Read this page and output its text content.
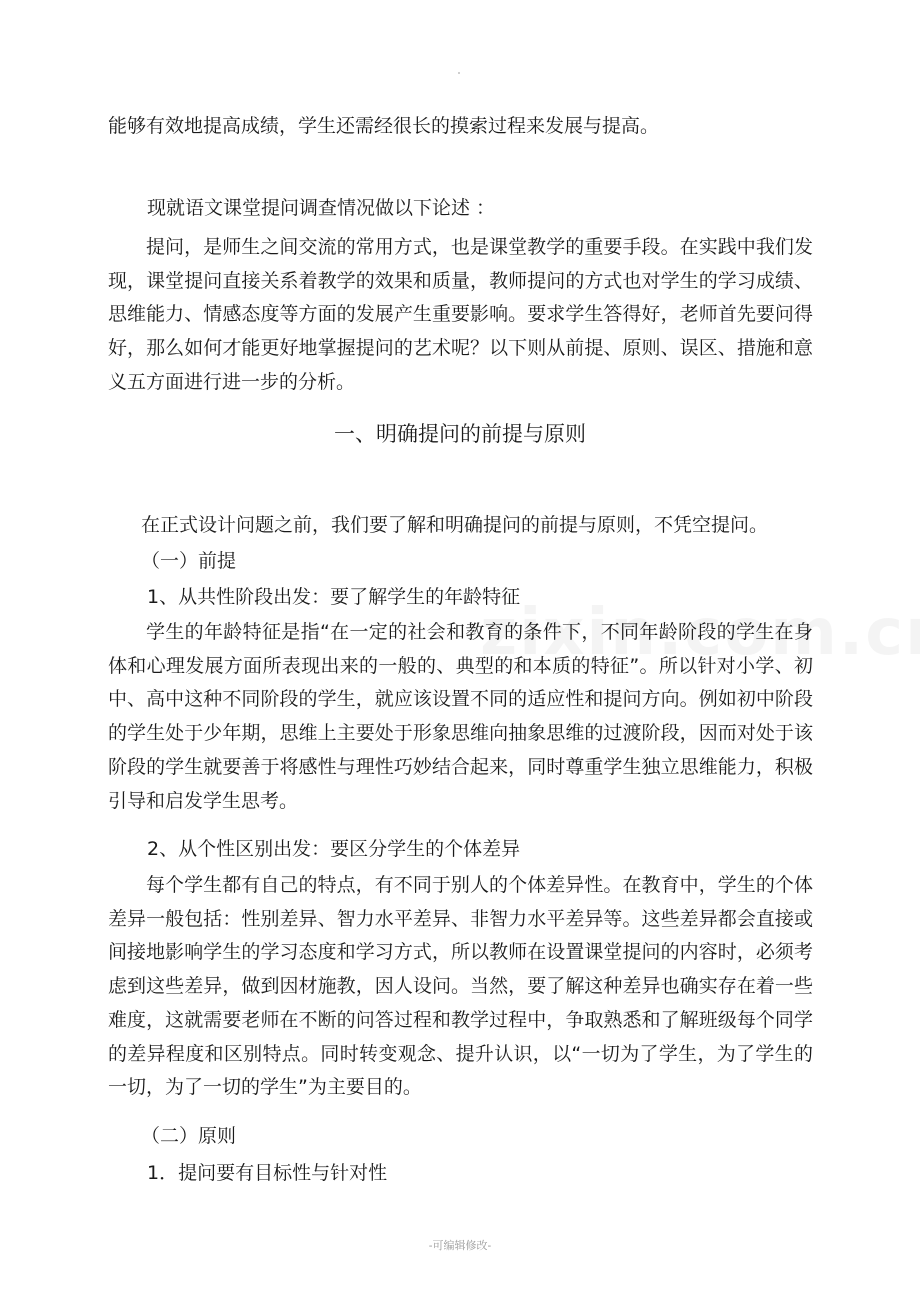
能够有效地提高成绩，学生还需经很长的摸索过程来发展与提高。
现就语文课堂提问调查情况做以下论述 ：
提问，是师生之间交流的常用方式，也是课堂教学的重要手段。在实践中我们发现，课堂提问直接关系着教学的效果和质量，教师提问的方式也对学生的学习成绩、思维能力、情感态度等方面的发展产生重要影响。要求学生答得好，老师首先要问得好，那么如何才能更好地掌握提问的艺术呢？以下则从前提、原则、误区、措施和意义五方面进行进一步的分析。
一、明确提问的前提与原则
在正式设计问题之前，我们要了解和明确提问的前提与原则，不凭空提问。
（一）前提
1、从共性阶段出发：要了解学生的年龄特征
学生的年龄特征是指“在一定的社会和教育的条件下，不同年龄阶段的学生在身体和心理发展方面所表现出来的一般的、典型的和本质的特征”。所以针对小学、初中、高中这种不同阶段的学生，就应该设置不同的适应性和提问方向。例如初中阶段的学生处于少年期，思维上主要处于形象思维向抽象思维的过渡阶段，因而对处于该阶段的学生就要善于将感性与理性巧妙结合起来，同时尊重学生独立思维能力，积极引导和启发学生思考。
2、从个性区别出发：要区分学生的个体差异
每个学生都有自己的特点，有不同于别人的个体差异性。在教育中，学生的个体差异一般包括：性别差异、智力水平差异、非智力水平差异等。这些差异都会直接或间接地影响学生的学习态度和学习方式，所以教师在设置课堂提问的内容时，必须考虑到这些差异，做到因材施教，因人设问。当然，要了解这种差异也确实存在着一些难度，这就需要老师在不断的问答过程和教学过程中，争取熟悉和了解班级每个同学的差异程度和区别特点。同时转变观念、提升认识，以“一切为了学生，为了学生的一切，为了一切的学生”为主要目的。
（二）原则
1．提问要有目标性与针对性
-可编辑修改-
